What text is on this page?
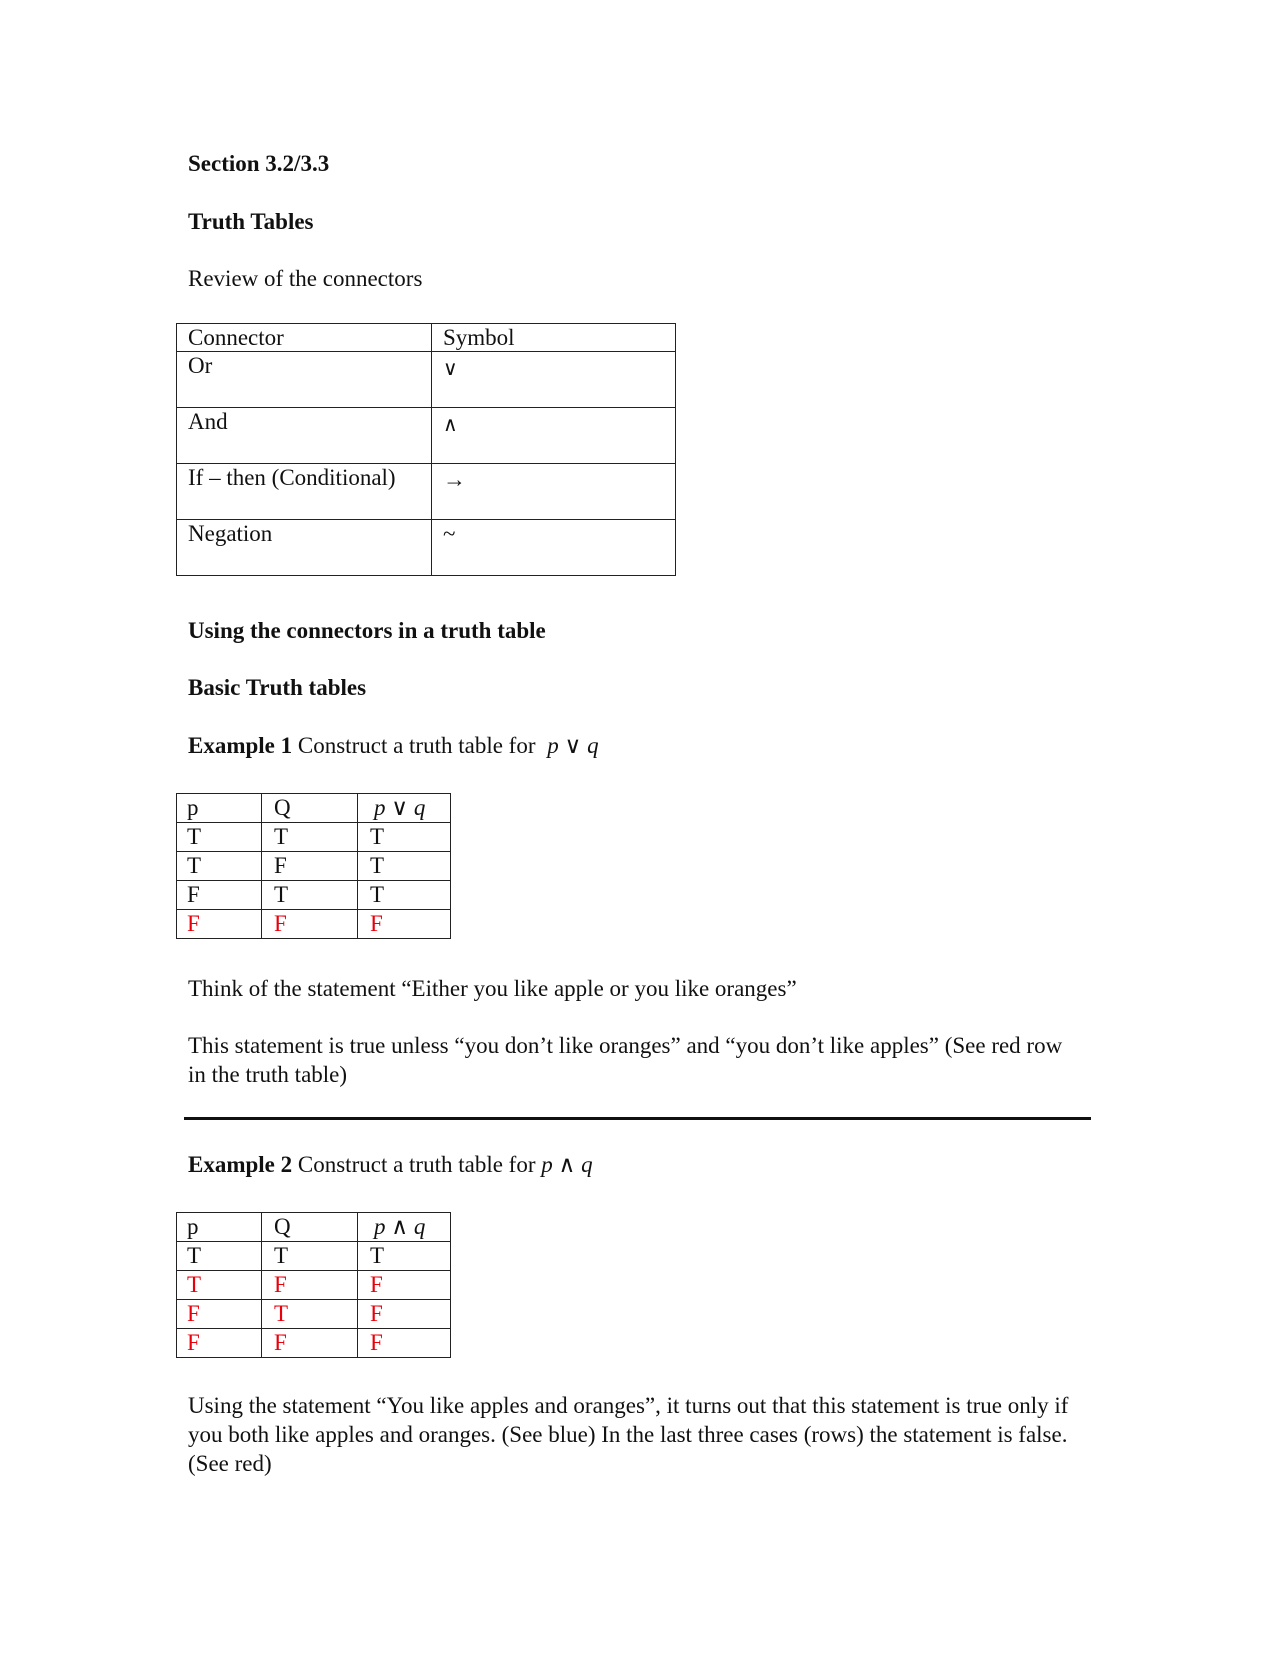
Section 3.2/3.3

Truth Tables

Review of the connectors

Connector	Symbol
Or	∨
And	∧
If – then (Conditional)	→
Negation	~

Using the connectors in a truth table

Basic Truth tables

Example 1 Construct a truth table for p ∨ q

p	Q	p ∨ q
T	T	T
T	F	T
F	T	T
F	F	F

Think of the statement “Either you like apple or you like oranges”

This statement is true unless “you don’t like oranges” and “you don’t like apples” (See red row in the truth table)

Example 2 Construct a truth table for p ∧ q

p	Q	p ∧ q
T	T	T
T	F	F
F	T	F
F	F	F

Using the statement “You like apples and oranges”, it turns out that this statement is true only if you both like apples and oranges. (See blue) In the last three cases (rows) the statement is false. (See red)
